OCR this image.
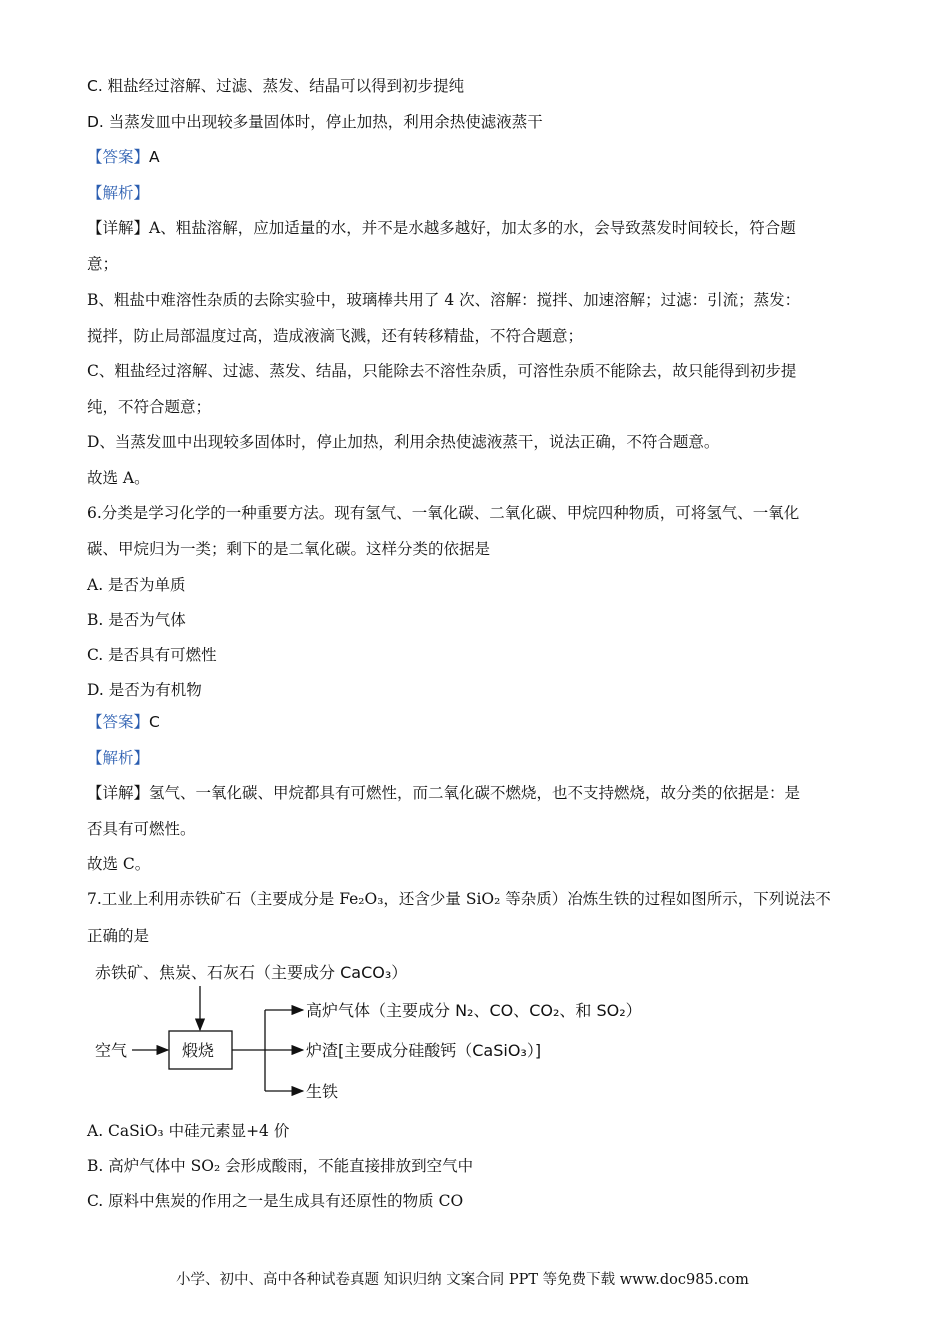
C. 粗盐经过溶解、过滤、蒸发、结晶可以得到初步提纯
D. 当蒸发皿中出现较多量固体时，停止加热，利用余热使滤液蒸干
【答案】A
【解析】
【详解】A、粗盐溶解，应加适量的水，并不是水越多越好，加太多的水，会导致蒸发时间较长，符合题
意；
B、粗盐中难溶性杂质的去除实验中，玻璃棒共用了 4 次、溶解：搅拌、加速溶解；过滤：引流；蒸发：
搅拌，防止局部温度过高，造成液滴飞溅，还有转移精盐，不符合题意；
C、粗盐经过溶解、过滤、蒸发、结晶，只能除去不溶性杂质，可溶性杂质不能除去，故只能得到初步提
纯，不符合题意；
D、当蒸发皿中出现较多固体时，停止加热，利用余热使滤液蒸干，说法正确，不符合题意。
故选 A。
6.分类是学习化学的一种重要方法。现有氢气、一氧化碳、二氧化碳、甲烷四种物质，可将氢气、一氧化
碳、甲烷归为一类；剩下的是二氧化碳。这样分类的依据是
A. 是否为单质
B. 是否为气体
C. 是否具有可燃性
D. 是否为有机物
【答案】C
【解析】
【详解】氢气、一氧化碳、甲烷都具有可燃性，而二氧化碳不燃烧，也不支持燃烧，故分类的依据是：是
否具有可燃性。
故选 C。
7.工业上利用赤铁矿石（主要成分是 Fe₂O₃，还含少量 SiO₂ 等杂质）冶炼生铁的过程如图所示，下列说法不
正确的是
赤铁矿、焦炭、石灰石（主要成分 CaCO₃）
空气	煅烧
高炉气体（主要成分 N₂、CO、CO₂、和 SO₂）
炉渣[主要成分硅酸钙（CaSiO₃）]
生铁
A. CaSiO₃ 中硅元素显+4 价
B. 高炉气体中 SO₂ 会形成酸雨，不能直接排放到空气中
C. 原料中焦炭的作用之一是生成具有还原性的物质 CO
小学、初中、高中各种试卷真题 知识归纳 文案合同 PPT 等免费下载 www.doc985.com
